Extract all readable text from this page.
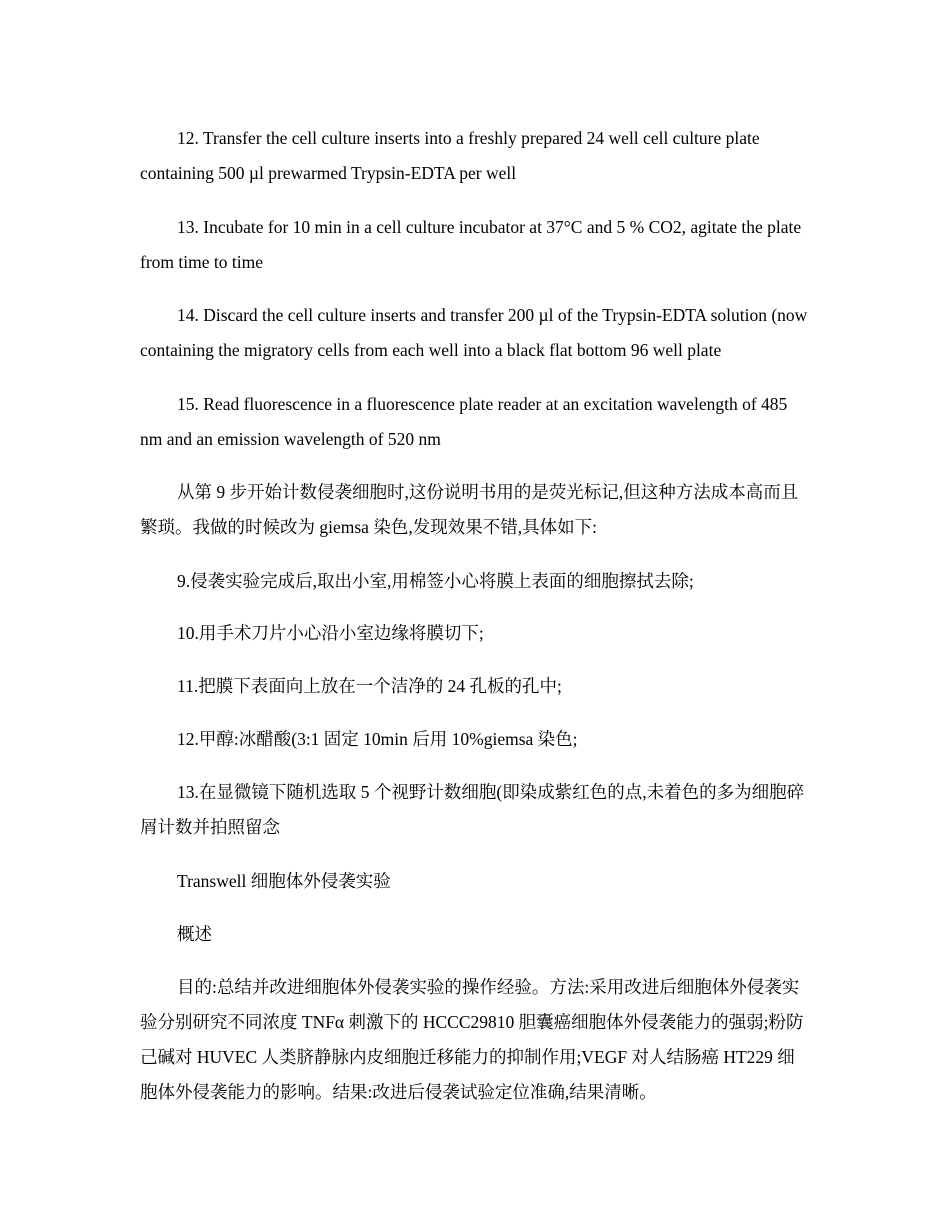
12. Transfer the cell culture inserts into a freshly prepared 24 well cell culture plate containing 500 µl prewarmed Trypsin-EDTA per well

13. Incubate for 10 min in a cell culture incubator at 37°C and 5 % CO2, agitate the plate from time to time

14. Discard the cell culture inserts and transfer 200 µl of the Trypsin-EDTA solution (now containing the migratory cells from each well into a black flat bottom 96 well plate

15. Read fluorescence in a fluorescence plate reader at an excitation wavelength of 485 nm and an emission wavelength of 520 nm

从第 9 步开始计数侵袭细胞时,这份说明书用的是荧光标记,但这种方法成本高而且繁琐。我做的时候改为 giemsa 染色,发现效果不错,具体如下:

9.侵袭实验完成后,取出小室,用棉签小心将膜上表面的细胞擦拭去除;

10.用手术刀片小心沿小室边缘将膜切下;

11.把膜下表面向上放在一个洁净的 24 孔板的孔中;

12.甲醇:冰醋酸(3:1 固定 10min 后用 10%giemsa 染色;

13.在显微镜下随机选取 5 个视野计数细胞(即染成紫红色的点,未着色的多为细胞碎屑计数并拍照留念

Transwell 细胞体外侵袭实验

概述

目的:总结并改进细胞体外侵袭实验的操作经验。方法:采用改进后细胞体外侵袭实验分别研究不同浓度 TNFα 刺激下的 HCCC29810 胆囊癌细胞体外侵袭能力的强弱;粉防己碱对 HUVEC 人类脐静脉内皮细胞迁移能力的抑制作用;VEGF 对人结肠癌 HT229 细胞体外侵袭能力的影响。结果:改进后侵袭试验定位准确,结果清晰。
